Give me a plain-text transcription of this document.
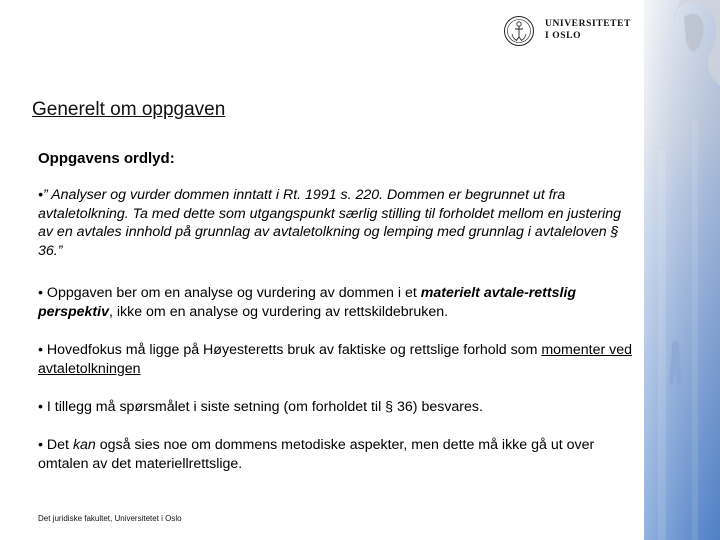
UNIVERSITETET
I OSLO
Generelt om oppgaven
Oppgavens ordlyd:
•” Analyser og vurder dommen inntatt i Rt. 1991 s. 220. Dommen er begrunnet ut fra avtaletolkning. Ta med dette som utgangspunkt særlig stilling til forholdet mellom en justering av en avtales innhold på grunnlag av avtaletolkning og lemping med grunnlag i avtaleloven § 36.”
• Oppgaven ber om en analyse og vurdering av dommen i et materielt avtale-rettslig perspektiv, ikke om en analyse og vurdering av rettskildebruken.
• Hovedfokus må ligge på Høyesteretts bruk av faktiske og rettslige forhold som momenter ved avtaletolkningen
• I tillegg må spørsmålet i siste setning (om forholdet til § 36) besvares.
• Det kan også sies noe om dommens metodiske aspekter, men dette må ikke gå ut over omtalen av det materiellrettslige.
Det juridiske fakultet, Universitetet i Oslo
